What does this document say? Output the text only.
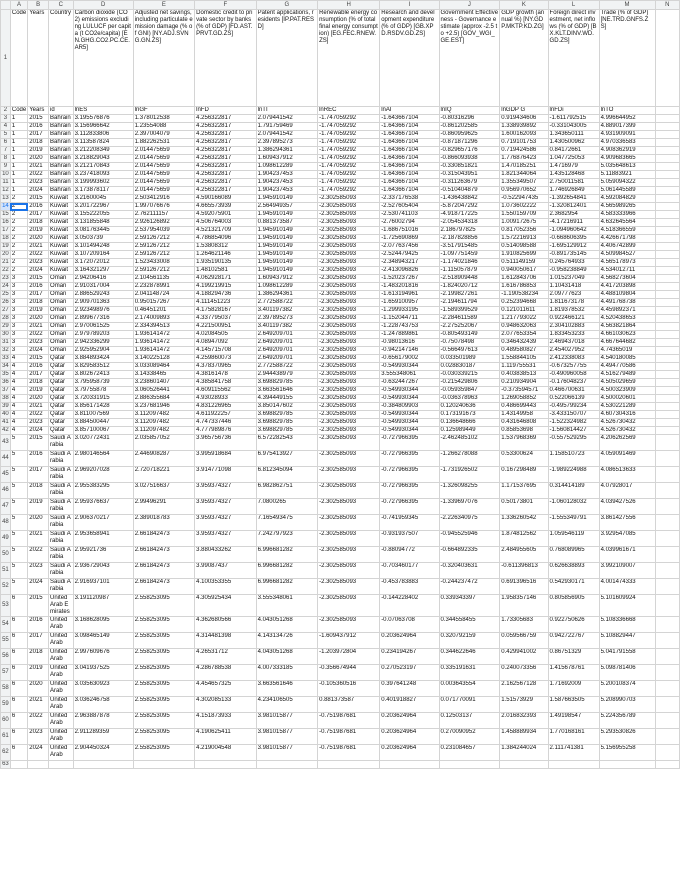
	A	B	C	D	E	F	G	H	I	J	K	L	M	N
1	Code	Years	Country	Carbon dioxide (CO2) emissions excluding LULUCF per capita (t CO2e/capita) [EN.GHG.CO2.PC.CE.AR5]	Adjusted net savings, including particulate emission damage (% of GNI) [NY.ADJ.SVNG.GN.ZS]	Domestic credit to private sector by banks (% of GDP) [FD.AST.PRVT.GD.ZS]	Patent applications, residents [IP.PAT.RESD]	Renewable energy consumption (% of total final energy consumption) [EG.FEC.RNEW.ZS]	Research and development expenditure (% of GDP) [GB.XPD.RSDV.GD.ZS]	Government Effectiveness - Governance estimate (approx -2.5 to +2.5) [GOV_WGI_GE.EST]	GDP growth (annual %) [NY.GDP.MKTP.KD.ZG]	Foreign direct investment, net inflows (% of GDP) [BX.KLT.DINV.WD.GD.ZS]	Trade (% of GDP) [NE.TRD.GNFS.ZS]	
2	Code	Years	id	lnES	lnGF	lnFD	lnTI	lnREC	lnAI	lnIQ	lnGDP G	lnFDi	lnTO	
3	1	2015	Bahrain	3.195576876	1.378012538	4.256322817	2.079441542	-1.747059292	-1.643667104	-0.80316296	0.919434606	-1.611792515	4.996644952	
4	1	2016	Bahrain	3.156966642	1.23554088	4.256322817	1.791759469	-1.747059292	-1.643667104	-0.861202585	1.338939892	-0.331043005	4.889017399	
5	1	2017	Bahrain	3.112833806	2.397004079	4.256322817	2.079441542	-1.747059292	-1.643667104	-0.860959625	1.600162093	1.343650111	4.931909091	
6	1	2018	Bahrain	3.113587824	1.882262531	4.256322817	2.397895273	-1.747059292	-1.643667104	-0.871871296	0.719101753	1.430500962	4.970336583	
7	1	2019	Bahrain	3.212208349	2.014475659	4.256322817	1.386294361	-1.747059292	-1.643667104	-0.829657176	0.719424586	0.84172661	4.908362919	
8	1	2020	Bahrain	3.218829043	2.014475659	4.256322817	1.609437912	-1.747059292	-1.643667104	-0.866093938	1.776876423	1.047725053	4.909683665	
9	1	2021	Bahrain	3.212170843	2.014475659	4.256322817	1.098612289	-1.747059292	-1.643667104	-0.330851821	1.470185251	1.4716979	5.035648613	
10	1	2022	Bahrain	3.237418093	2.014475659	4.256322817	1.904237453	-1.747059292	-1.643667104	-0.315043951	1.821344064	1.435128468	5.11883921	
11	1	2023	Bahrain	3.199993602	2.014475659	4.256322817	1.904237453	-1.747059292	-1.643667104	-0.311263679	1.355349507	2.750011581	5.059094322	
12	1	2024	Bahrain	3.173878117	2.014475659	4.256322817	1.904237453	-1.747059292	-1.643667104	-0.510404879	0.956970652	1.746926849	5.061445589	
13	2	2015	Kuwait	3.21600045	2.503412916	4.590166089	1.945910149	-2.302585093	-2.337176538	-1.436438842	-0.522947435	-1.392654841	4.592084829	
14	2	2016	Kuwait	3.201722967	1.997076676	4.665573939	2.564949357	-2.302585093	-2.527605404	-5.872047292	1.073602222	-1.320812401	4.565989265	
15	2	2017	Kuwait	3.155222055	2.762111157	4.592075901	1.945910149	-2.302585093	-2.530741103	-4.918717225	1.550159709	2.3682954	4.583333966	
16	2	2018	Kuwait	3.131855848	2.926126892	4.506764003	0.881373587	-2.302585093	-2.76002794	-2.054534318	1.009172675	-4.17216911	4.632645564	
17	2	2019	Kuwait	3.081763445	2.537954039	4.521321709	1.945910149	-2.302585093	-1.686751016	2.186797825	0.817052356	-1.094960642	4.518366559	
18	2	2020	Kuwait	3.0503739	2.591267212	4.786854096	1.945910149	-2.302585093	-1.725690869	-2.187828856	1.572216913	-0.668606395	4.426671798	
19	2	2021	Kuwait	3.101494248	2.591267212	1.53808312	1.945910149	-2.302585093	-2.077637456	-3.517915485	0.514098588	-1.695129912	4.406742899	
20	2	2022	Kuwait	3.107209164	2.591267212	1.264621146	1.945910149	-2.302585093	-2.524479425	-1.097751459	1.910825699	-0.891735145	4.509984527	
21	2	2023	Kuwait	3.172072012	1.523433008	1.935190135	1.945910149	-2.302585093	-2.348943217	-1.174021846	0.511149159	0.245764933	4.565178973	
22	2	2024	Kuwait	3.164321297	2.591267212	1.48102581	1.945910149	-2.302585093	-2.413096826	-1.115057879	0.940050617	-0.958238849	4.534012711	
23	3	2015	Oman	2.94206416	2.104561135	4.062928171	1.609437912	-2.302585093	-1.520237267	-2.518909448	1.612843706	1.015237049	4.568273604	
24	3	2016	Oman	2.910317004	2.232878991	4.199219915	1.098612289	-2.302585093	-1.483201816	-1.824020712	1.616786853	1.10431418	4.417203898	
25	3	2017	Oman	2.886529243	2.041148724	4.188294736	1.386294361	-2.302585093	-1.613194961	-2.199827261	-1.190538234	2.09777623	4.488109804	
26	3	2018	Oman	2.909701363	0.950157267	4.111451223	2.772588722	-2.302585093	-1.659100957	-2.194611794	0.252394668	1.811673178	4.491768738	
27	3	2019	Oman	2.923498976	0.46451201	4.175828167	3.401197382	-2.302585093	-1.299933195	-1.589399529	0.121011611	1.819378532	4.459892371	
28	3	2020	Oman	2.899677316	2.174009893	4.337795037	2.397895273	-2.302585093	-1.152044711	-2.284611589	1.217793022	0.922466121	4.520438653	
29	3	2021	Oman	2.970061525	2.334394513	4.221500951	3.401197382	-2.302585093	-1.228743753	-2.275252067	0.948632063	2.304102883	4.563821864	
30	3	2022	Oman	2.979789203	1.936141472	4.02084505	2.649209701	-2.302585093	-1.247889861	-0.805493149	2.077653354	1.833453233	4.661030623	
31	3	2023	Oman	2.942336299	1.936141472	4.08947092	2.649209701	-2.302585093	-0.98013616	-0.75078498	0.346432439	2.469437018	4.667644682	
32	3	2024	Oman	2.925952904	1.936141472	4.145715708	2.649209701	-2.302585093	-0.942147146	-0.566497613	0.489580827	2.454027952	4.74365019	
33	4	2015	Qatar	3.884893424	3.140225128	4.259860073	2.649209701	-2.302585093	-0.656179002	0.033501989	1.558844105	2.412338083	4.540180085	
34	4	2016	Qatar	3.829583512	3.033089464	4.378370965	2.772588722	-2.302585093	-0.549930344	0.028830187	1.119755531	-0.673257755	4.494770586	
35	4	2017	Qatar	3.802672413	3.14338465	4.38161478	2.944438979	-2.302585093	3.555348061	-0.030339215	0.403838513	-0.490960058	4.516279489	
36	4	2018	Qatar	3.795958739	3.238601407	4.385841758	3.698829785	-2.302585093	-0.632447267	-0.215429806	0.210934904	-0.176048237	4.505029659	
37	4	2019	Qatar	3.79755878	3.060526441	4.609115562	3.663561646	-2.302585093	-0.549930344	-0.059359847	-0.373594571	0.466700631	4.500323909	
38	4	2020	Qatar	3.720331915	2.886355684	4.93028933	4.394449155	-2.302585093	-0.549930344	-0.036378963	1.269058852	0.522066139	4.500020601	
39	4	2021	Qatar	3.856171428	3.237681946	4.831226965	3.850147602	-2.302585093	-0.384809903	0.120240636	0.486699443	-0.495799234	4.530221289	
40	4	2022	Qatar	3.811007569	3.112097482	4.611922257	3.698829785	-2.302585093	-0.549930344	0.173191673	1.43149958	-3.433150707	4.607304316	
41	4	2023	Qatar	3.884500447	3.112097482	4.747337446	3.698829785	-2.302585093	-0.549930344	0.136648666	0.431646808	-1.522324982	4.526730432	
42	4	2024	Qatar	3.857100067	3.112097482	4.777989876	3.698829785	-2.302585093	-0.549930344	0.125989449	0.85853698	-1.560814427	4.526730432	
43	5	2015	Saudi Arabia	3.020772431	2.035857052	3.965756736	6.572282543	-2.302585093	-0.727966395	-2.462485102	1.537968369	-0.557529295	4.206262569	
44	5	2016	Saudi Arabia	2.980146564	2.446908287	3.995918684	6.975413927	-2.302585093	-0.727966395	-1.266278088	0.53300624	1.158510723	4.059091469	
45	5	2017	Saudi Arabia	2.969207028	2.720718221	3.914771098	6.812345094	-2.302585093	-0.727966395	-1.731926502	0.167298489	-1.989224988	4.086513633	
46	5	2018	Saudi Arabia	2.955383295	3.027516637	3.959374327	6.982862751	-2.302585093	-0.727966395	-1.326098255	1.171537695	0.314414189	4.07928017	
47	5	2019	Saudi Arabia	2.959376637	2.99496291	3.959374327	7.0800265	-2.302585093	-0.727966395	-1.339697076	0.50173801	-1.060128032	4.039427526	
48	5	2020	Saudi Arabia	2.906370217	2.389018783	3.959374327	7.165493475	-2.302585093	-0.741959345	-2.226340975	1.336260542	-1.555349791	3.861427556	
49	5	2021	Saudi Arabia	2.953658941	2.661842473	3.959374327	7.242797923	-2.302585093	-0.931937507	-0.945525946	1.874812562	1.059546119	3.929547085	
50	5	2022	Saudi Arabia	2.95921736	2.661842473	3.880433262	6.996681282	-2.302585093	-0.88094772	-0.664892335	2.484955605	0.768089965	4.039961671	
51	5	2023	Saudi Arabia	2.936729043	2.661842473	3.99087437	6.996681282	-2.302585093	-0.703460177	-0.320403631	-0.611396813	0.626638893	3.992109007	
52	5	2024	Saudi Arabia	2.916937101	2.661842473	4.100353355	6.996681282	-2.302585093	-0.453783883	-0.244237472	0.691396516	0.542930171	4.001474333	
53	6	2015	United Arab Emirates	3.191120987	2.558253095	4.305925434	3.555348061	-2.302585093	-0.144228402	0.339343397	1.958357146	0.805856905	5.101609924	
54	6	2016	United Arab	3.168628095	2.558253095	4.362680566	4.043051268	-2.302585093	-0.07063708	0.344558455	1.73305683	0.922750626	5.108336668	
55	6	2017	United Arab	3.098465149	2.558253095	4.314481398	4.143134726	-1.609437912	0.203624964	0.320792159	0.059566759	0.942722767	5.108829447	
56	6	2018	United Arab	2.997609676	2.558253095	4.26531712	4.043051268	-1.203972804	0.234194267	0.344622646	0.429941002	0.86751329	5.041791558	
57	6	2019	United Arab	3.041937525	2.558253095	4.286788538	4.007333185	-0.356674944	0.270523197	0.335191631	0.240073356	1.415678761	5.098781406	
58	6	2020	United Arab	3.035630923	2.558253095	4.454657325	3.663561646	-0.105360516	0.397641248	0.003643554	2.162567128	1.71692009	5.200108374	
59	6	2021	United Arab	3.036246758	2.558253095	4.302085133	4.234106505	0.881373587	0.401918827	0.071770091	1.51573929	1.587663505	5.208990703	
60	6	2022	United Arab	2.963887878	2.558253095	4.151873933	3.981015877	-0.751987681	0.203624964	0.12503137	2.016832393	1.49198547	5.224356789	
61	6	2023	United Arab	2.911289359	2.558253095	4.190625411	3.981015877	-0.751987681	0.203624964	0.270090952	1.458889934	1.770168161	5.293530826	
62	6	2024	United Arab	2.904450324	2.558253095	4.219004548	3.981015877	-0.751987681	0.203624964	0.231084657	1.384244024	2.111741381	5.156955258	
63														
